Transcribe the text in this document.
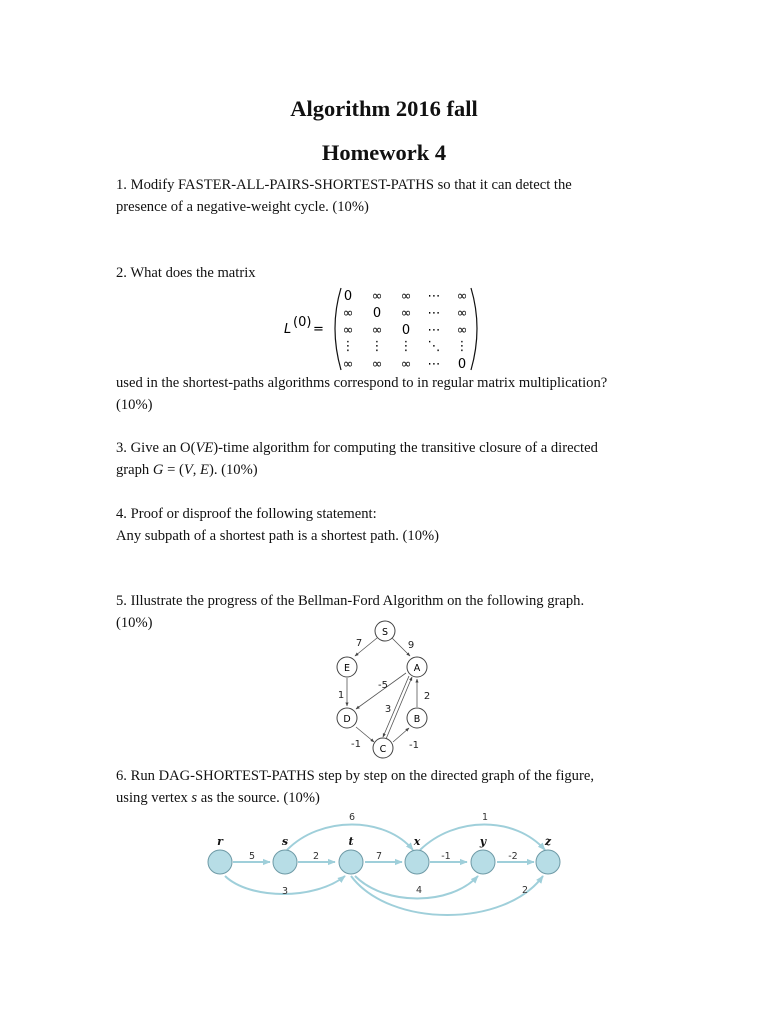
Algorithm 2016 fall
Homework 4
1. Modify FASTER-ALL-PAIRS-SHORTEST-PATHS so that it can detect the
presence of a negative-weight cycle. (10%)
2. What does the matrix
L (0) =
0 ∞ ∞ ⋯ ∞
∞ 0 ∞ ⋯ ∞
∞ ∞ 0 ⋯ ∞
⋮ ⋮ ⋮ ⋱ ⋮
∞ ∞ ∞ ⋯ 0
used in the shortest-paths algorithms correspond to in regular matrix multiplication?
(10%)
3. Give an O(VE)-time algorithm for computing the transitive closure of a directed
graph G = (V, E). (10%)
4. Proof or disproof the following statement:
Any subpath of a shortest path is a shortest path. (10%)
5. Illustrate the progress of the Bellman-Ford Algorithm on the following graph.
(10%)
S
E	A
D	B
C
7	9
-5
1
3
2
-1	-1
6. Run DAG-SHORTEST-PATHS step by step on the directed graph of the figure,
using vertex s as the source. (10%)
r	s	t	x	y	z
5	2	7	-1	-2
6	1
3	4	2
